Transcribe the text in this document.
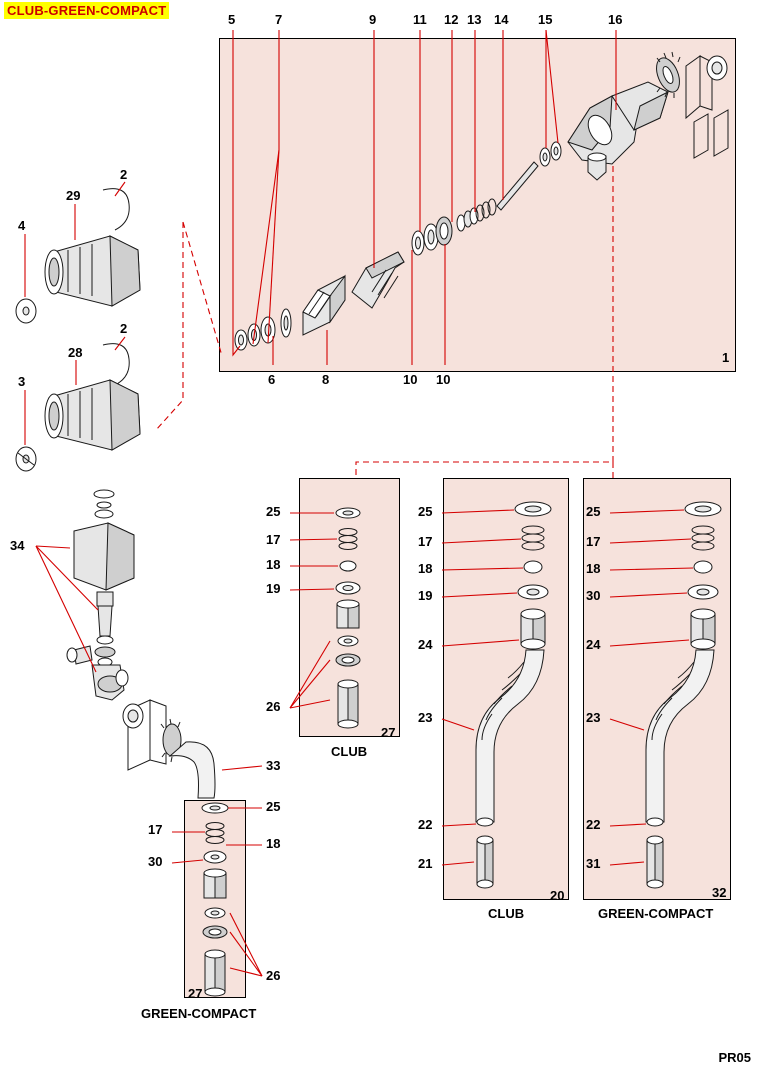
CLUB-GREEN-COMPACT
5	7	9	11 12 13 14 15	16
6	8	10 10
1
2
29
4
2
28
3
34
33
25
17
18
19
26
27
25
17
18
19
24
23
22
21
20
25
17
18
30
24
23
22
31
32
25
17
18
30
26
27
CLUB
CLUB	GREEN-COMPACT
GREEN-COMPACT
PR05
